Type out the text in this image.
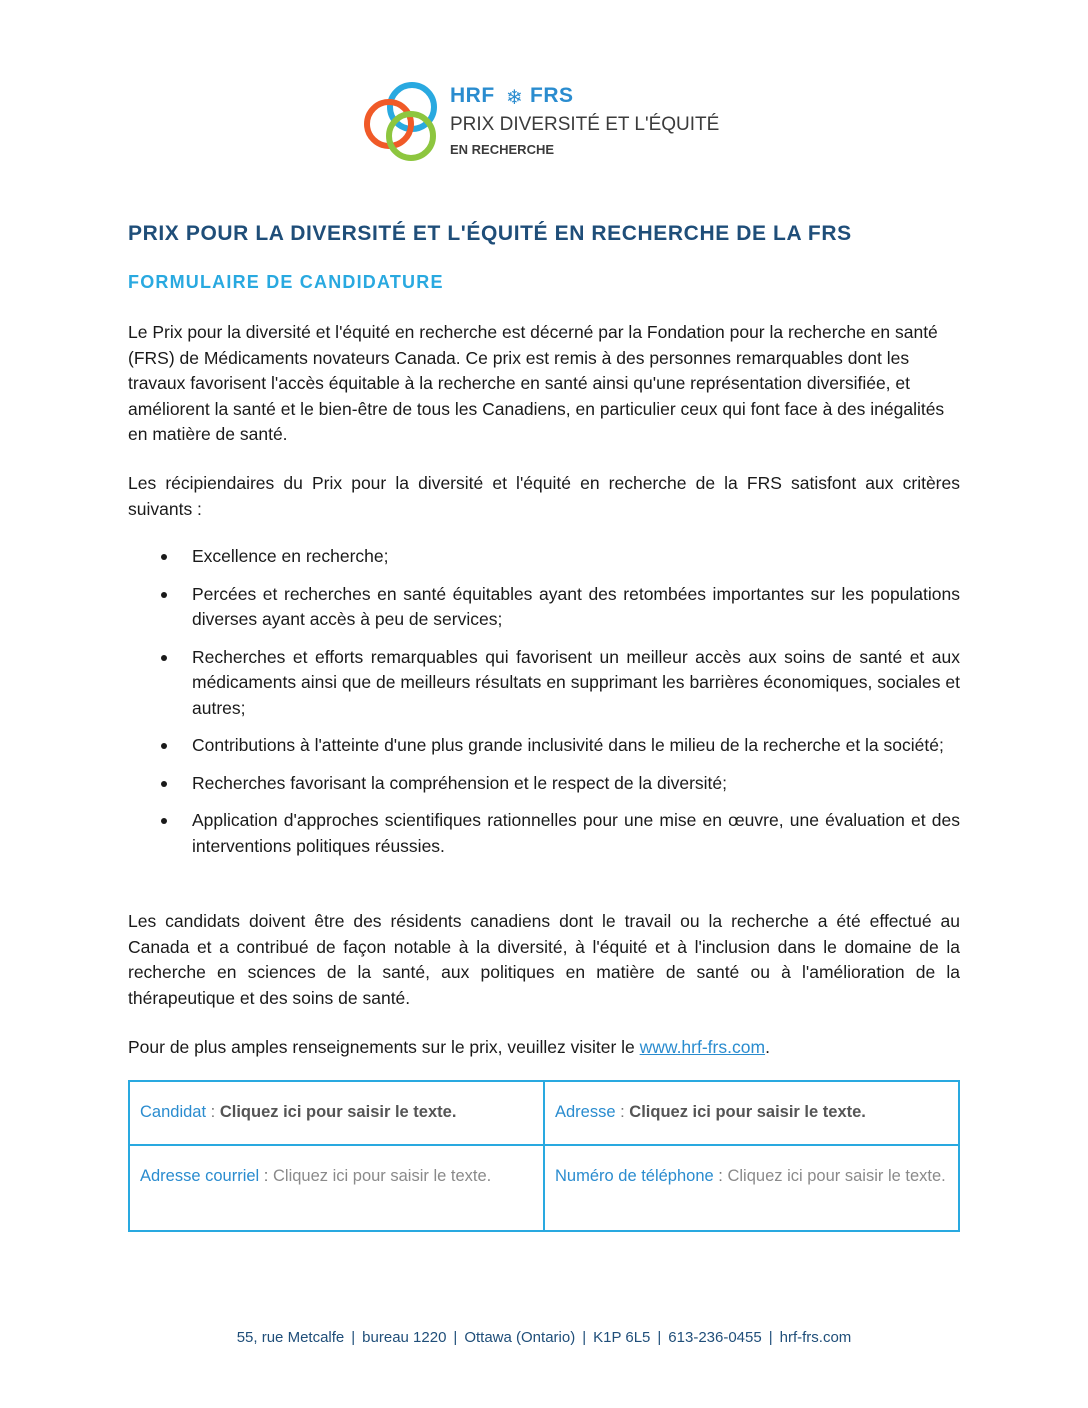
HRF ❄ FRS
PRIX DIVERSITÉ ET L'ÉQUITÉ
EN RECHERCHE
PRIX POUR LA DIVERSITÉ ET L'ÉQUITÉ EN RECHERCHE DE LA FRS
FORMULAIRE DE CANDIDATURE

Le Prix pour la diversité et l'équité en recherche est décerné par la Fondation pour la recherche en santé (FRS) de Médicaments novateurs Canada. Ce prix est remis à des personnes remarquables dont les travaux favorisent l'accès équitable à la recherche en santé ainsi qu'une représentation diversifiée, et améliorent la santé et le bien-être de tous les Canadiens, en particulier ceux qui font face à des inégalités en matière de santé.

Les récipiendaires du Prix pour la diversité et l'équité en recherche de la FRS satisfont aux critères suivants :

Excellence en recherche;
Percées et recherches en santé équitables ayant des retombées importantes sur les populations diverses ayant accès à peu de services;
Recherches et efforts remarquables qui favorisent un meilleur accès aux soins de santé et aux médicaments ainsi que de meilleurs résultats en supprimant les barrières économiques, sociales et autres;
Contributions à l'atteinte d'une plus grande inclusivité dans le milieu de la recherche et la société;
Recherches favorisant la compréhension et le respect de la diversité;
Application d'approches scientifiques rationnelles pour une mise en œuvre, une évaluation et des interventions politiques réussies.

Les candidats doivent être des résidents canadiens dont le travail ou la recherche a été effectué au Canada et a contribué de façon notable à la diversité, à l'équité et à l'inclusion dans le domaine de la recherche en sciences de la santé, aux politiques en matière de santé ou à l'amélioration de la thérapeutique et des soins de santé.

Pour de plus amples renseignements sur le prix, veuillez visiter le www.hrf-frs.com.

Candidat : Cliquez ici pour saisir le texte.	Adresse : Cliquez ici pour saisir le texte.
Adresse courriel : Cliquez ici pour saisir le texte.	Numéro de téléphone : Cliquez ici pour saisir le texte.
55, rue Metcalfe | bureau 1220 | Ottawa (Ontario) | K1P 6L5 | 613-236-0455 | hrf-frs.com
